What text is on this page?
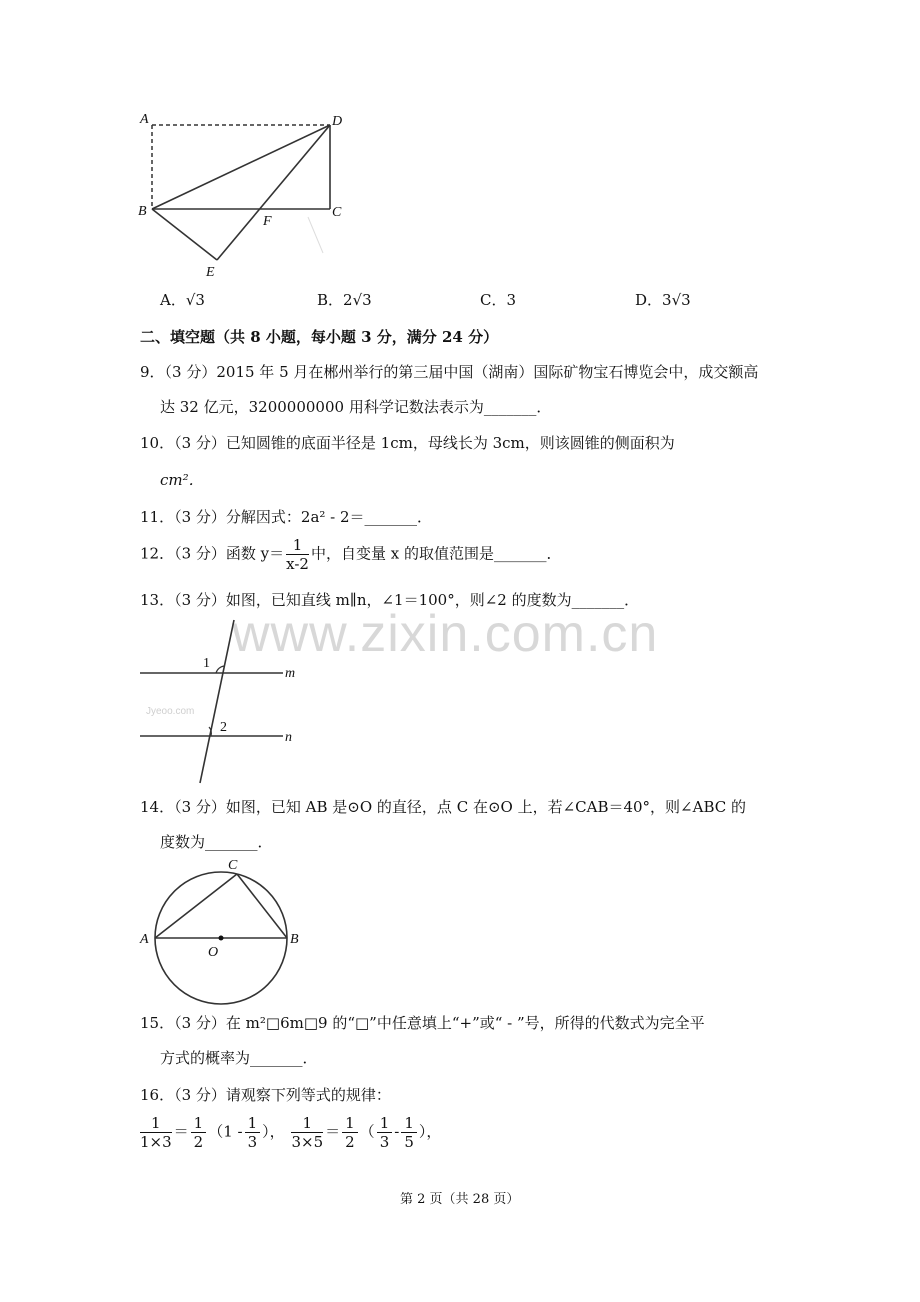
A	D
B	C
F
E
A．√3	B．2√3	C．3	D．3√3
二、填空题（共 8 小题，每小题 3 分，满分 24 分）
9．（3 分）2015 年 5 月在郴州举行的第三届中国（湖南）国际矿物宝石博览会中，成交额高
达 32 亿元，3200000000 用科学记数法表示为_______．
10．（3 分）已知圆锥的底面半径是 1cm，母线长为 3cm，则该圆锥的侧面积为
cm²．
11．（3 分）分解因式：2a² - 2＝_______．
12．（3 分）函数 $y= \frac{1}{x-2}$ 中，自变量 x 的取值范围是_______．
13．（3 分）如图，已知直线 m∥n，∠1＝100°，则∠2 的度数为_______．
www.zixin.com.cn
1
2
m
n
Jyeoo.com
14．（3 分）如图，已知 AB 是⊙O 的直径，点 C 在⊙O 上，若∠CAB＝40°，则∠ABC 的
度数为_______．
A	B
C
O
15．（3 分）在 m²□6m□9 的“□”中任意填上“+”或“ - ”号，所得的代数式为完全平
方式的概率为_______．
16．（3 分）请观察下列等式的规律：
$\frac{1}{1\times 3} = \frac{1}{2} (1 - \frac{1}{3}$ ）， $\frac{1}{3\times 5} = \frac{1}{2}$ （ $\frac{1}{3} - \frac{1}{5}$ ），
第 2 页（共 28 页）
